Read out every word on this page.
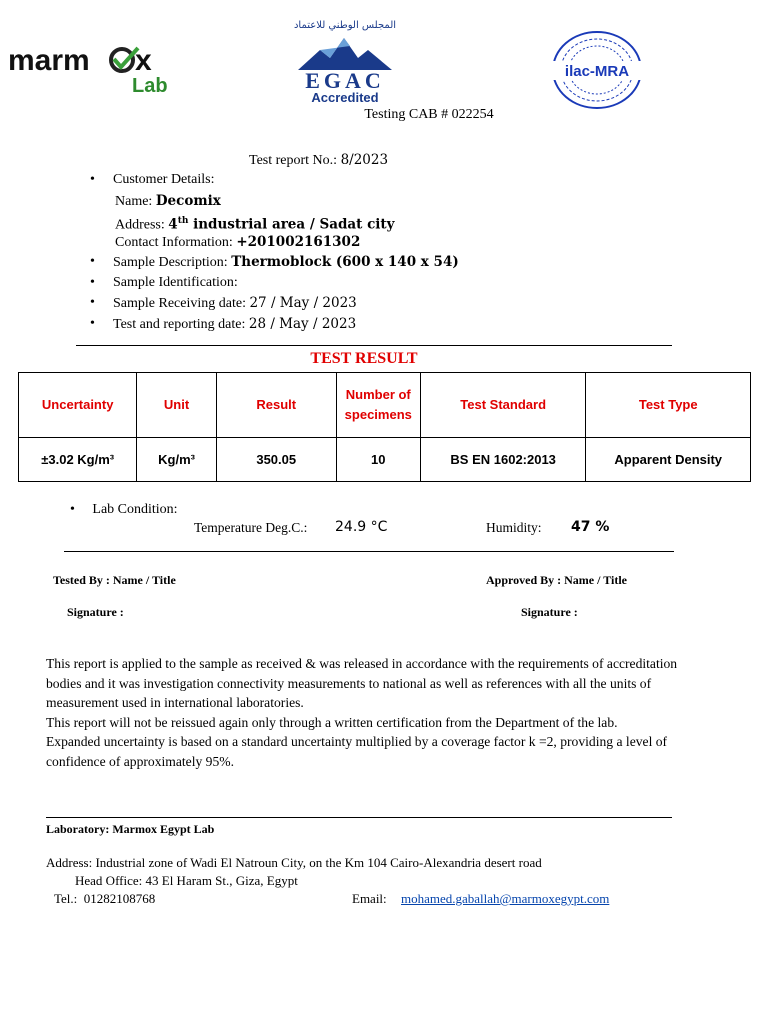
marm x
Lab
المجلس الوطني للاعتماد
EGAC
Accredited
ilac-MRA
Testing CAB # 022254
Test report No.: 8/2023
• Customer Details:
Name: Decomix
Address: 4th industrial area / Sadat city
Contact Information: +201002161302
• Sample Description: Thermoblock (600 x 140 x 54)
• Sample Identification:
• Sample Receiving date: 27 / May / 2023
• Test and reporting date: 28 / May / 2023
TEST RESULT
Uncertainty	Unit	Result	Number of specimens	Test Standard	Test Type
±3.02 Kg/m³	Kg/m³	350.05	10	BS EN 1602:2013	Apparent Density
• Lab Condition:
Temperature Deg.C.: 24.9 °C	Humidity: 47 %
Tested By : Name / Title	Approved By : Name / Title
Signature :	Signature :
This report is applied to the sample as received & was released in accordance with the requirements of accreditation bodies and it was investigation connectivity measurements to national as well as references with all the units of measurement used in international laboratories.
This report will not be reissued again only through a written certification from the Department of the lab.
Expanded uncertainty is based on a standard uncertainty multiplied by a coverage factor k =2, providing a level of confidence of approximately 95%.
Laboratory: Marmox Egypt Lab
Address: Industrial zone of Wadi El Natroun City, on the Km 104 Cairo-Alexandria desert road
Head Office: 43 El Haram St., Giza, Egypt
Tel.:  01282108768	Email: mohamed.gaballah@marmoxegypt.com
